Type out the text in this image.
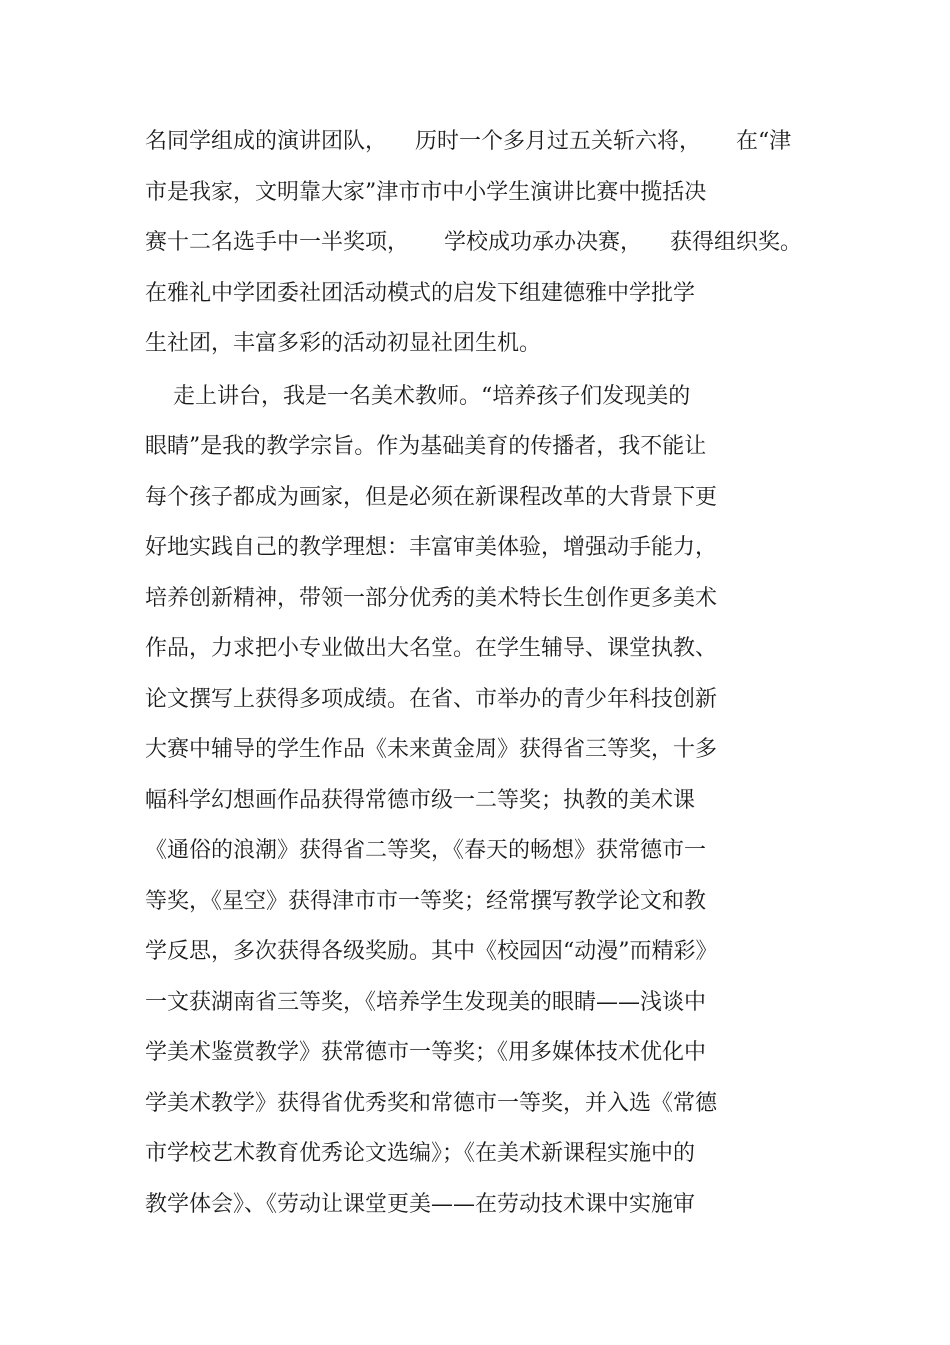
名同学组成的演讲团队，    历时一个多月过五关斩六将，     在“津
市是我家，文明靠大家”津市市中小学生演讲比赛中揽括决
赛十二名选手中一半奖项，     学校成功承办决赛，    获得组织奖。
在雅礼中学团委社团活动模式的启发下组建德雅中学批学
生社团，丰富多彩的活动初显社团生机。
走上讲台，我是一名美术教师。“培养孩子们发现美的
眼睛”是我的教学宗旨。作为基础美育的传播者，我不能让
每个孩子都成为画家，但是必须在新课程改革的大背景下更
好地实践自己的教学理想：丰富审美体验，增强动手能力，
培养创新精神，带领一部分优秀的美术特长生创作更多美术
作品，力求把小专业做出大名堂。在学生辅导、课堂执教、
论文撰写上获得多项成绩。在省、市举办的青少年科技创新
大赛中辅导的学生作品《未来黄金周》获得省三等奖，十多
幅科学幻想画作品获得常德市级一二等奖；执教的美术课
《通俗的浪潮》获得省二等奖，《春天的畅想》获常德市一
等奖，《星空》获得津市市一等奖；经常撰写教学论文和教
学反思，多次获得各级奖励。其中《校园因“动漫”而精彩》
一文获湖南省三等奖，《培养学生发现美的眼睛——浅谈中
学美术鉴赏教学》获常德市一等奖；《用多媒体技术优化中
学美术教学》获得省优秀奖和常德市一等奖，并入选《常德
市学校艺术教育优秀论文选编》；《在美术新课程实施中的
教学体会》、《劳动让课堂更美——在劳动技术课中实施审
